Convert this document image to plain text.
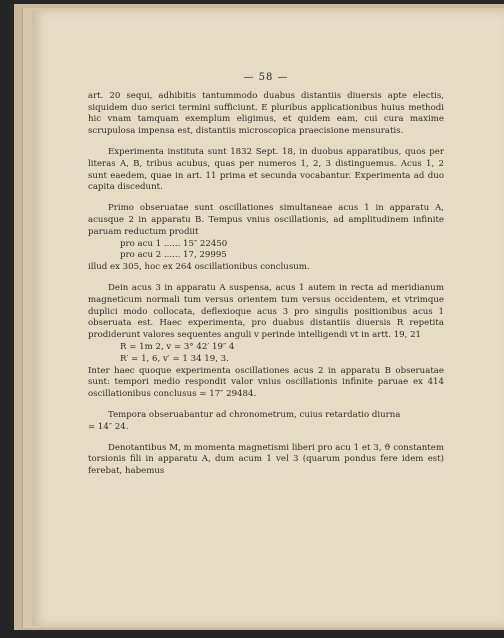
— 58 —

art. 20 sequi, adhibitis tantummodo duabus distantiis diuersis apte electis, siquidem duo serici termini sufficiunt. E pluribus applicationibus huius methodi hic vnam tamquam exemplum eligimus, et quidem eam, cui cura maxime scrupulosa impensa est, distantiis microscopica praecisione mensuratis.

Experimenta instituta sunt 1832 Sept. 18, in duobus apparatibus, quos per literas A, B, tribus acubus, quas per numeros 1, 2, 3 distinguemus. Acus 1, 2 sunt eaedem, quae in art. 11 prima et secunda vocabantur. Experimenta ad duo capita discedunt.

Primo obseruatae sunt oscillationes simultaneae acus 1 in apparatu A, acusque 2 in apparatu B. Tempus vnius oscillationis, ad amplitudinem infinite paruam reductum prodiit

pro acu 1 ...... 15″ 22450
pro acu 2 ...... 17, 29995
illud ex 305, hoc ex 264 oscillationibus conclusum.

Dein acus 3 in apparatu A suspensa, acus 1 autem in recta ad meridianum magneticum normali tum versus orientem tum versus occidentem, et vtrimque duplici modo collocata, deflexioque acus 3 pro singulis positionibus acus 1 obseruata est. Haec experimenta, pro duabus distantiis diuersis R repetita prodiderunt valores sequentes anguli v perinde intelligendi vt in artt. 19, 21

R = 1m 2, v = 3° 42′ 19″ 4
R′ = 1, 6, v′ = 1 34 19, 3.

Inter haec quoque experimenta oscillationes acus 2 in apparatu B obseruatae sunt: tempori medio respondit valor vnius oscillationis infinite paruae ex 414 oscillationibus conclusus = 17″ 29484.

Tempora obseruabantur ad chronometrum, cuius retardatio diurna

= 14″ 24.

Denotantibus M, m momenta magnetismi liberi pro acu 1 et 3, ϑ constantem torsionis fili in apparatu A, dum acum 1 vel 3 (quarum pondus fere idem est) ferebat, habemus
